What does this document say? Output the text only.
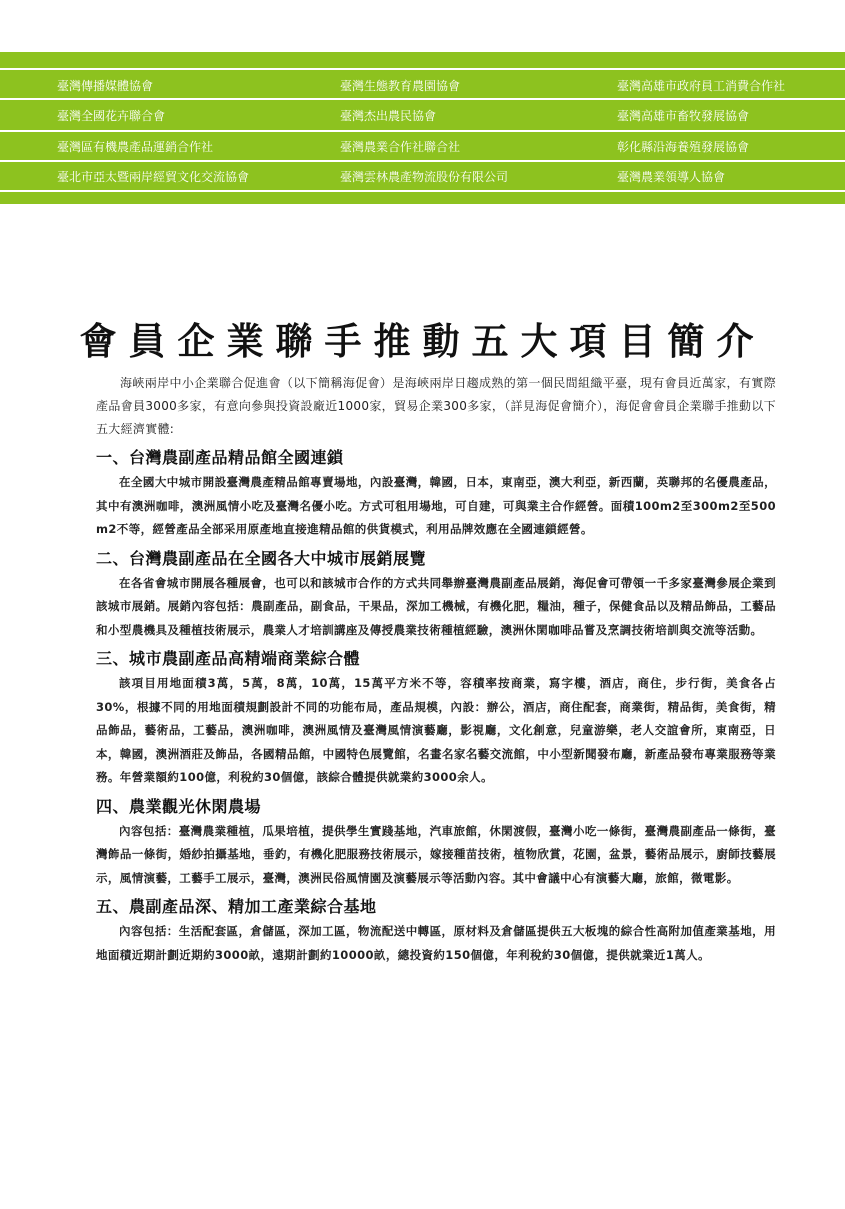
臺灣傳播媒體協會	臺灣生態教育農園協會	臺灣高雄市政府員工消費合作社
臺灣全國花卉聯合會	臺灣杰出農民協會	臺灣高雄市畜牧發展協會
臺灣區有機農產品運銷合作社	臺灣農業合作社聯合社	彰化縣沿海養殖發展協會
臺北市亞太暨兩岸經貿文化交流協會	臺灣雲林農產物流股份有限公司	臺灣農業領導人協會
會員企業聯手推動五大項目簡介

海峽兩岸中小企業聯合促進會（以下簡稱海促會）是海峽兩岸日趨成熟的第一個民間組織平臺，現有會員近萬家，有實際產品會員3000多家，有意向參與投資設廠近1000家，貿易企業300多家，（詳見海促會簡介），海促會會員企業聯手推動以下五大經濟實體:

一、台灣農副產品精品館全國連鎖

在全國大中城市開設臺灣農產精品館專賣場地，內設臺灣，韓國，日本，東南亞，澳大利亞，新西蘭，英聯邦的名優農產品，其中有澳洲咖啡，澳洲風情小吃及臺灣名優小吃。方式可租用場地，可自建，可與業主合作經營。面積100m2至300m2至500 m2不等，經營產品全部采用原產地直接進精品館的供貨模式，利用品牌效應在全國連鎖經營。

二、台灣農副產品在全國各大中城市展銷展覽

在各省會城市開展各種展會，也可以和該城市合作的方式共同舉辦臺灣農副產品展銷，海促會可帶領一千多家臺灣參展企業到該城市展銷。展銷內容包括：農副產品，副食品，干果品，深加工機械，有機化肥，糧油，種子，保健食品以及精品飾品，工藝品和小型農機具及種植技術展示，農業人才培訓講座及傳授農業技術種植經驗，澳洲休閑咖啡品嘗及烹調技術培訓與交流等活動。

三、城市農副產品高精端商業綜合體

該項目用地面積3萬，5萬，8萬，10萬，15萬平方米不等，容積率按商業，寫字樓，酒店，商住，步行街，美食各占30%，根據不同的用地面積規劃設計不同的功能布局，產品規模，內設：辦公，酒店，商住配套，商業街，精品街，美食街，精品飾品，藝術品，工藝品，澳洲咖啡，澳洲風情及臺灣風情演藝廳，影視廳，文化創意，兒童游樂，老人交誼會所，東南亞，日本，韓國，澳洲酒莊及飾品，各國精品館，中國特色展覽館，名畫名家名藝交流館，中小型新聞發布廳，新產品發布專業服務等業務。年營業額約100億，利稅約30個億，該綜合體提供就業約3000余人。

四、農業觀光休閑農場

內容包括：臺灣農業種植，瓜果培植，提供學生實踐基地，汽車旅館，休閑渡假，臺灣小吃一條街，臺灣農副產品一條街，臺灣飾品一條街，婚紗拍攝基地，垂釣，有機化肥服務技術展示，嫁接種苗技術，植物欣賞，花園，盆景，藝術品展示，廚師技藝展示，風情演藝，工藝手工展示，臺灣，澳洲民俗風情園及演藝展示等活動內容。其中會議中心有演藝大廳，旅館，微電影。

五、農副產品深、精加工產業綜合基地

內容包括：生活配套區，倉儲區，深加工區，物流配送中轉區，原材料及倉儲區提供五大板塊的綜合性高附加值產業基地，用地面積近期計劃近期約3000畝，遠期計劃約10000畝，總投資約150個億，年利稅約30個億，提供就業近1萬人。
